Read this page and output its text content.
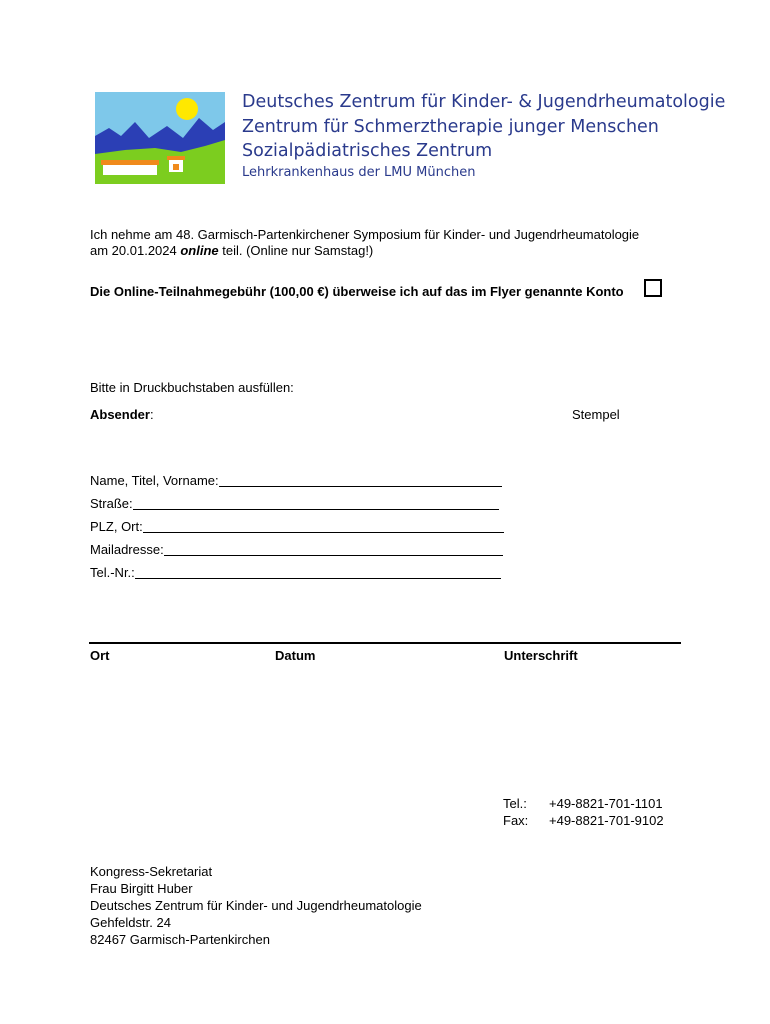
Deutsches Zentrum für Kinder- & Jugendrheumatologie
Zentrum für Schmerztherapie junger Menschen
Sozialpädiatrisches Zentrum
Lehrkrankenhaus der LMU München
Ich nehme am 48. Garmisch-Partenkirchener Symposium für Kinder- und Jugendrheumatologie am 20.01.2024 online teil. (Online nur Samstag!)
Die Online-Teilnahmegebühr (100,00 €) überweise ich auf das im Flyer genannte Konto
Bitte in Druckbuchstaben ausfüllen:
Absender:	Stempel
Name, Titel, Vorname:
Straße:
PLZ, Ort:
Mailadresse:
Tel.-Nr.:
Ort	Datum	Unterschrift
Tel.:	+49-8821-701-1101
Fax:	+49-8821-701-9102
Kongress-Sekretariat
Frau Birgitt Huber
Deutsches Zentrum für Kinder- und Jugendrheumatologie
Gehfeldstr. 24
82467 Garmisch-Partenkirchen
